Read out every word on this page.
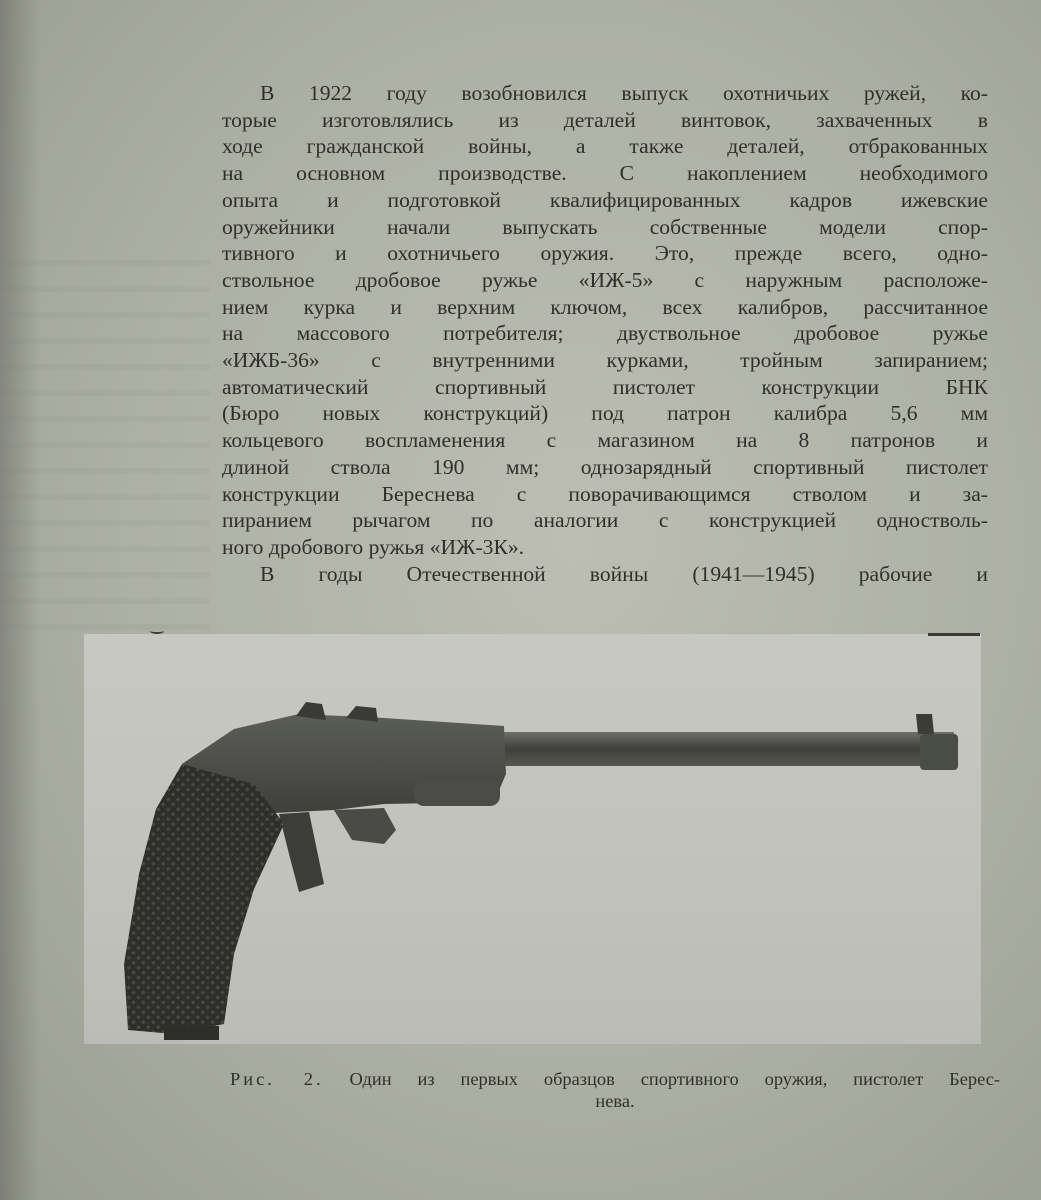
В 1922 году возобновился выпуск охотничьих ружей, ко-
торые изготовлялись из деталей винтовок, захваченных в
ходе гражданской войны, а также деталей, отбракованных
на основном производстве. С накоплением необходимого
опыта и подготовкой квалифицированных кадров ижевские
оружейники начали выпускать собственные модели спор-
тивного и охотничьего оружия. Это, прежде всего, одно-
ствольное дробовое ружье «ИЖ-5» с наружным расположе-
нием курка и верхним ключом, всех калибров, рассчитанное
на массового потребителя; двуствольное дробовое ружье
«ИЖБ-36» с внутренними курками, тройным запиранием;
автоматический спортивный пистолет конструкции БНК
(Бюро новых конструкций) под патрон калибра 5,6 мм
кольцевого воспламенения с магазином на 8 патронов и
длиной ствола 190 мм; однозарядный спортивный пистолет
конструкции Береснева с поворачивающимся стволом и за-
пиранием рычагом по аналогии с конструкцией одностволь-
ного дробового ружья «ИЖ-3К».
В годы Отечественной войны (1941—1945) рабочие и
Рис. 2. Один из первых образцов спортивного оружия, пистолет Берес-
нева.
